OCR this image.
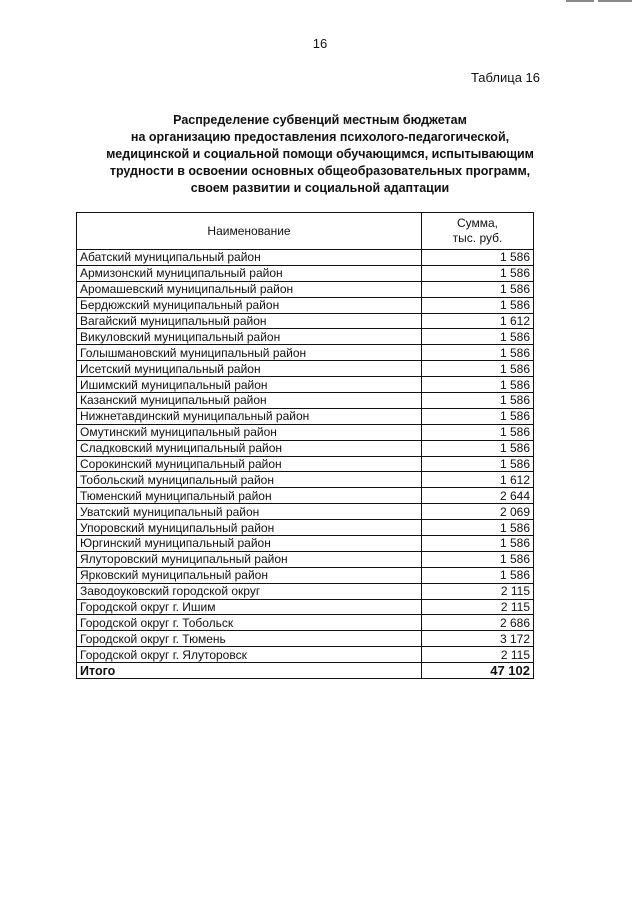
16
Таблица 16
Распределение субвенций местным бюджетам
на организацию предоставления психолого-педагогической,
медицинской и социальной помощи обучающимся, испытывающим
трудности в освоении основных общеобразовательных программ,
своем развитии и социальной адаптации
Наименование	Сумма,
тыс. руб.

Абатский муниципальный район	1 586
Армизонский муниципальный район	1 586
Аромашевский муниципальный район	1 586
Бердюжский муниципальный район	1 586
Вагайский муниципальный район	1 612
Викуловский муниципальный район	1 586
Голышмановский муниципальный район	1 586
Исетский муниципальный район	1 586
Ишимский муниципальный район	1 586
Казанский муниципальный район	1 586
Нижнетавдинский муниципальный район	1 586
Омутинский муниципальный район	1 586
Сладковский муниципальный район	1 586
Сорокинский муниципальный район	1 586
Тобольский муниципальный район	1 612
Тюменский муниципальный район	2 644
Уватский муниципальный район	2 069
Упоровский муниципальный район	1 586
Юргинский муниципальный район	1 586
Ялуторовский муниципальный район	1 586
Ярковский муниципальный район	1 586
Заводоуковский городской округ	2 115
Городской округ г. Ишим	2 115
Городской округ г. Тобольск	2 686
Городской округ г. Тюмень	3 172
Городской округ г. Ялуторовск	2 115
Итого	47 102
